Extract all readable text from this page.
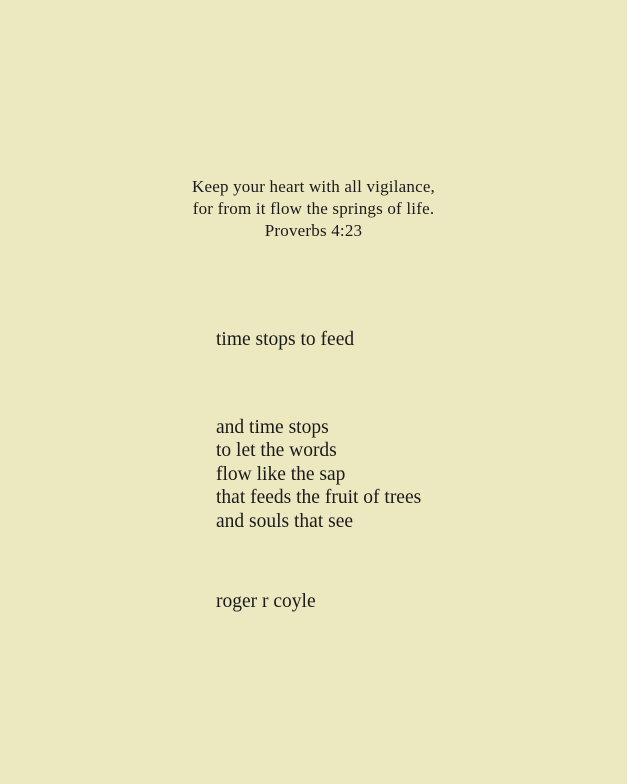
Keep your heart with all vigilance,
for from it flow the springs of life.
Proverbs 4:23
time stops to feed
and time stops
to let the words
flow like the sap
that feeds the fruit of trees
and souls that see
roger r coyle
